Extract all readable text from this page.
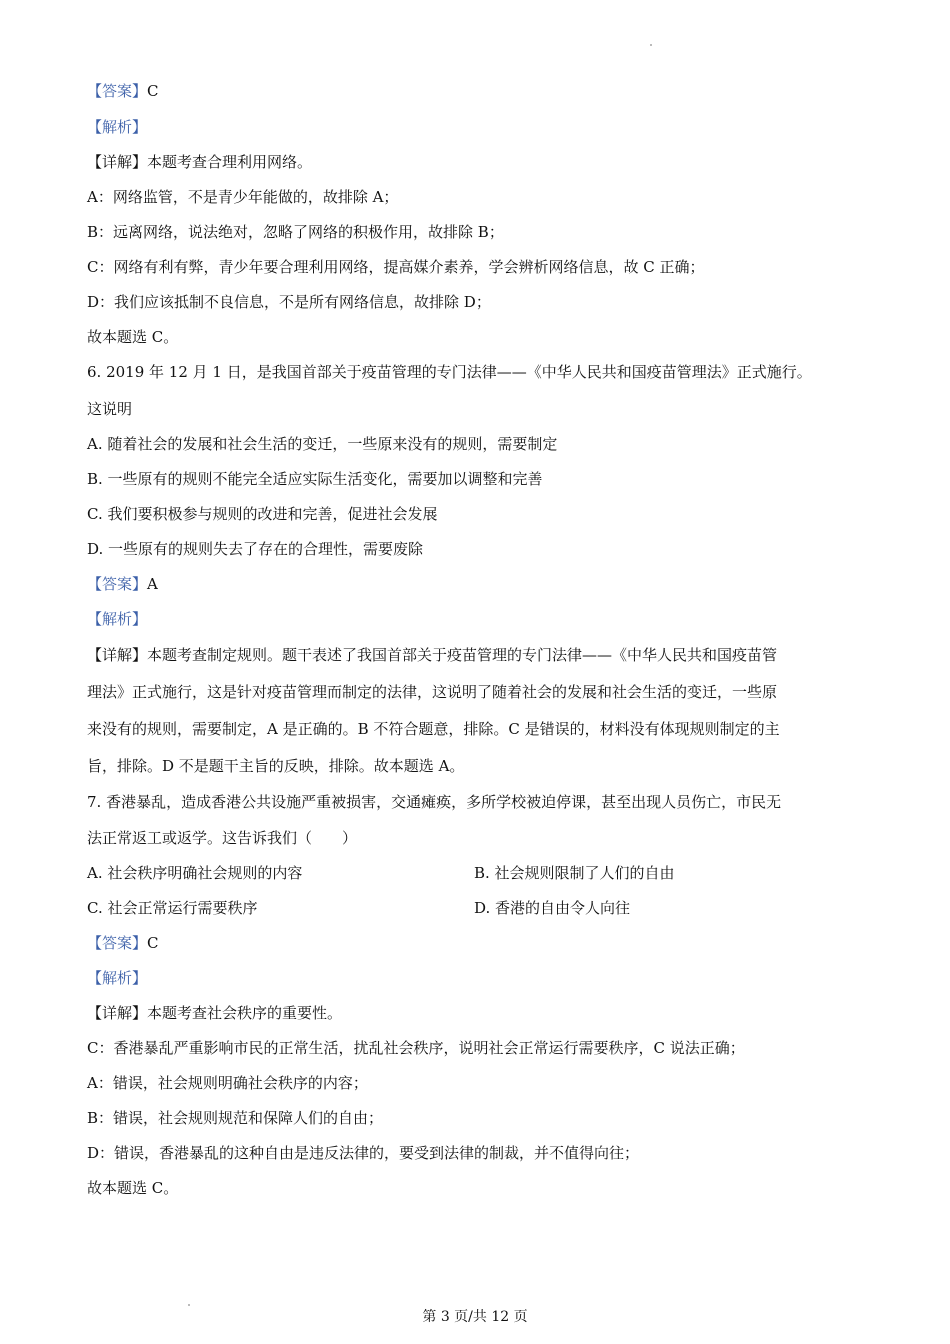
【答案】C
【解析】
【详解】本题考查合理利用网络。
A：网络监管，不是青少年能做的，故排除 A；
B：远离网络，说法绝对，忽略了网络的积极作用，故排除 B；
C：网络有利有弊，青少年要合理利用网络，提高媒介素养，学会辨析网络信息，故 C 正确；
D：我们应该抵制不良信息，不是所有网络信息，故排除 D；
故本题选 C。
6. 2019 年 12 月 1 日，是我国首部关于疫苗管理的专门法律——《中华人民共和国疫苗管理法》正式施行。
这说明
A. 随着社会的发展和社会生活的变迁，一些原来没有的规则，需要制定
B. 一些原有的规则不能完全适应实际生活变化，需要加以调整和完善
C. 我们要积极参与规则的改进和完善，促进社会发展
D. 一些原有的规则失去了存在的合理性，需要废除
【答案】A
【解析】
【详解】本题考查制定规则。题干表述了我国首部关于疫苗管理的专门法律——《中华人民共和国疫苗管
理法》正式施行，这是针对疫苗管理而制定的法律，这说明了随着社会的发展和社会生活的变迁，一些原
来没有的规则，需要制定，A 是正确的。B 不符合题意，排除。C 是错误的，材料没有体现规则制定的主
旨，排除。D 不是题干主旨的反映，排除。故本题选 A。
7. 香港暴乱，造成香港公共设施严重被损害，交通瘫痪，多所学校被迫停课，甚至出现人员伤亡，市民无
法正常返工或返学。这告诉我们（　　）
A. 社会秩序明确社会规则的内容	B. 社会规则限制了人们的自由
C. 社会正常运行需要秩序	D. 香港的自由令人向往
【答案】C
【解析】
【详解】本题考查社会秩序的重要性。
C：香港暴乱严重影响市民的正常生活，扰乱社会秩序，说明社会正常运行需要秩序，C 说法正确；
A：错误，社会规则明确社会秩序的内容；
B：错误，社会规则规范和保障人们的自由；
D：错误，香港暴乱的这种自由是违反法律的，要受到法律的制裁，并不值得向往；
故本题选 C。
第 3 页/共 12 页
